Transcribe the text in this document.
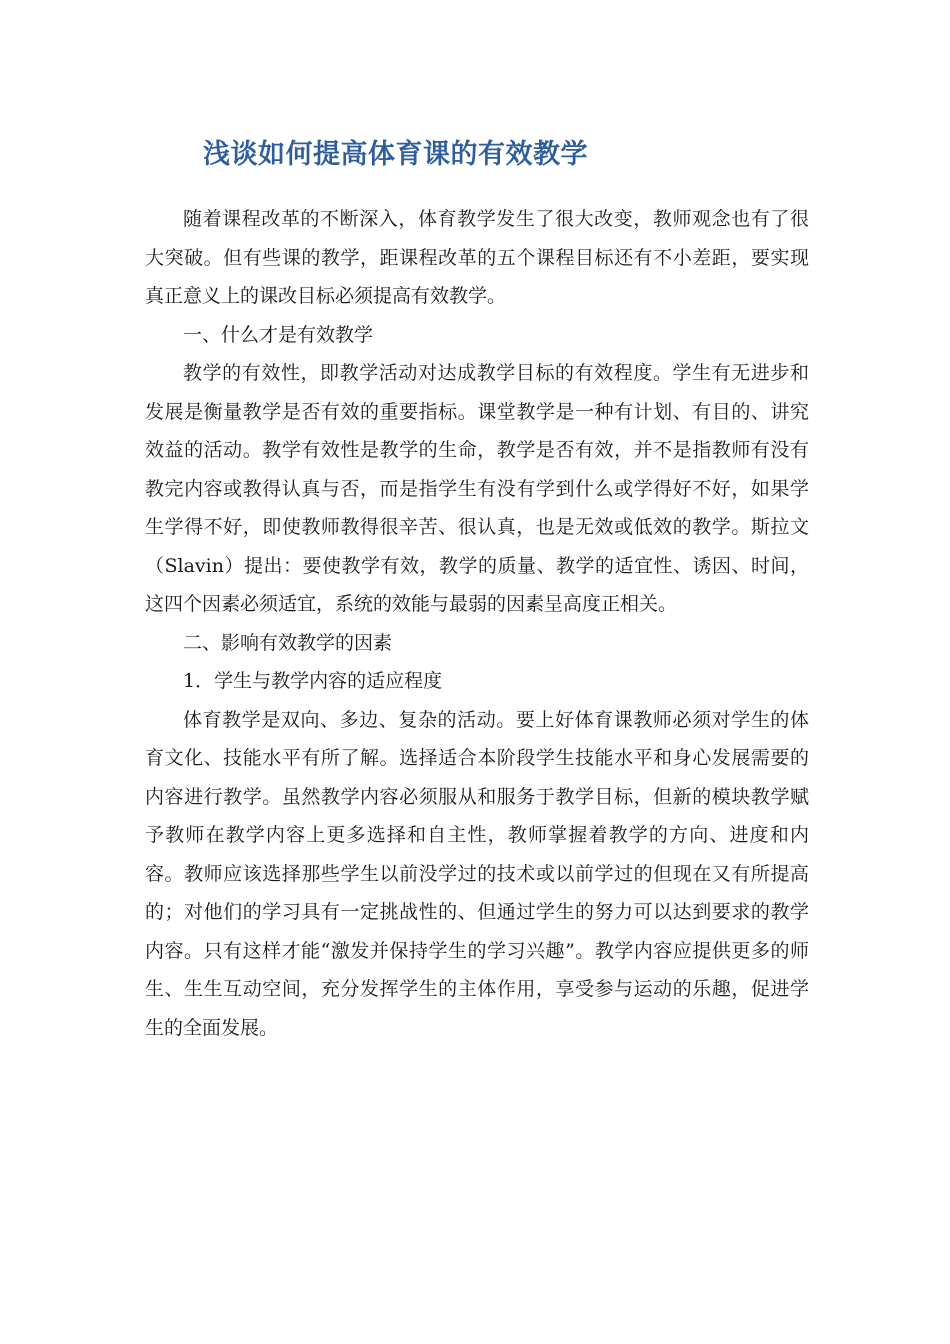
浅谈如何提高体育课的有效教学

随着课程改革的不断深入，体育教学发生了很大改变，教师观念也有了很大突破。但有些课的教学，距课程改革的五个课程目标还有不小差距，要实现真正意义上的课改目标必须提高有效教学。

一、什么才是有效教学

教学的有效性，即教学活动对达成教学目标的有效程度。学生有无进步和发展是衡量教学是否有效的重要指标。课堂教学是一种有计划、有目的、讲究效益的活动。教学有效性是教学的生命，教学是否有效，并不是指教师有没有教完内容或教得认真与否，而是指学生有没有学到什么或学得好不好，如果学生学得不好，即使教师教得很辛苦、很认真，也是无效或低效的教学。斯拉文（Slavin）提出：要使教学有效，教学的质量、教学的适宜性、诱因、时间，这四个因素必须适宜，系统的效能与最弱的因素呈高度正相关。

二、影响有效教学的因素

1．学生与教学内容的适应程度

体育教学是双向、多边、复杂的活动。要上好体育课教师必须对学生的体育文化、技能水平有所了解。选择适合本阶段学生技能水平和身心发展需要的内容进行教学。虽然教学内容必须服从和服务于教学目标，但新的模块教学赋予教师在教学内容上更多选择和自主性，教师掌握着教学的方向、进度和内容。教师应该选择那些学生以前没学过的技术或以前学过的但现在又有所提高的；对他们的学习具有一定挑战性的、但通过学生的努力可以达到要求的教学内容。只有这样才能“激发并保持学生的学习兴趣”。教学内容应提供更多的师生、生生互动空间，充分发挥学生的主体作用，享受参与运动的乐趣，促进学生的全面发展。
